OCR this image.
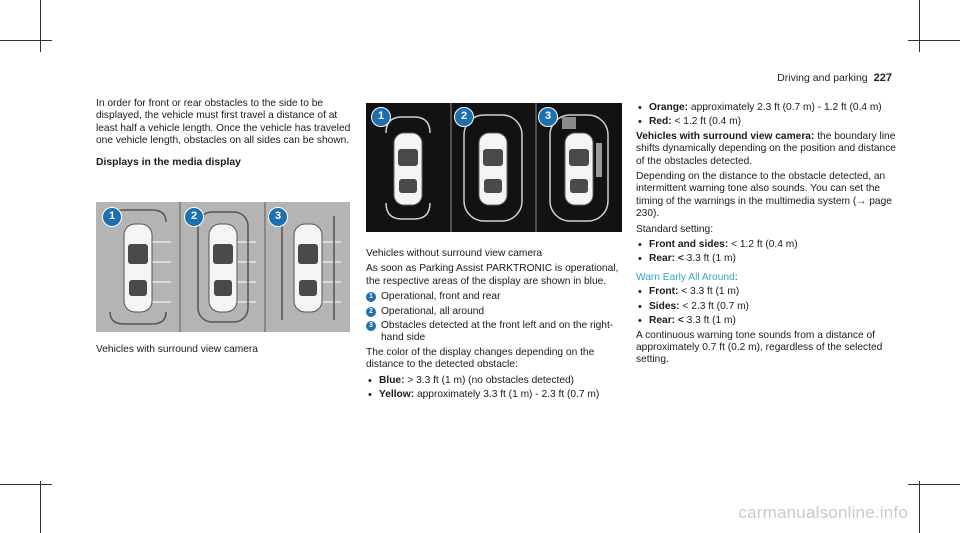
Driving and parking 227

In order for front or rear obstacles to the side to be displayed, the vehicle must first travel a distance of at least half a vehicle length. Once the vehicle has traveled one vehicle length, obstacles on all sides can be shown.

Displays in the media display
1	2	3

Vehicles with surround view camera

1	2	3

Vehicles without surround view camera

As soon as Parking Assist PARKTRONIC is operational, the respective areas of the display are shown in blue.

1 Operational, front and rear
2 Operational, all around
3 Obstacles detected at the front left and on the right-hand side

The color of the display changes depending on the distance to the detected obstacle:

• Blue: > 3.3 ft (1 m) (no obstacles detected)
• Yellow: approximately 3.3 ft (1 m) - 2.3 ft (0.7 m)
• Orange: approximately 2.3 ft (0.7 m) - 1.2 ft (0.4 m)
• Red: < 1.2 ft (0.4 m)

Vehicles with surround view camera: the boundary line shifts dynamically depending on the position and distance of the obstacles detected.

Depending on the distance to the obstacle detected, an intermittent warning tone also sounds. You can set the timing of the warnings in the multimedia system (→ page 230).

Standard setting:

• Front and sides: < 1.2 ft (0.4 m)
• Rear: < 3.3 ft (1 m)

Warn Early All Around:

• Front: < 3.3 ft (1 m)
• Sides: < 2.3 ft (0.7 m)
• Rear: < 3.3 ft (1 m)

A continuous warning tone sounds from a distance of approximately 0.7 ft (0.2 m), regardless of the selected setting.

carmanualsonline.info
